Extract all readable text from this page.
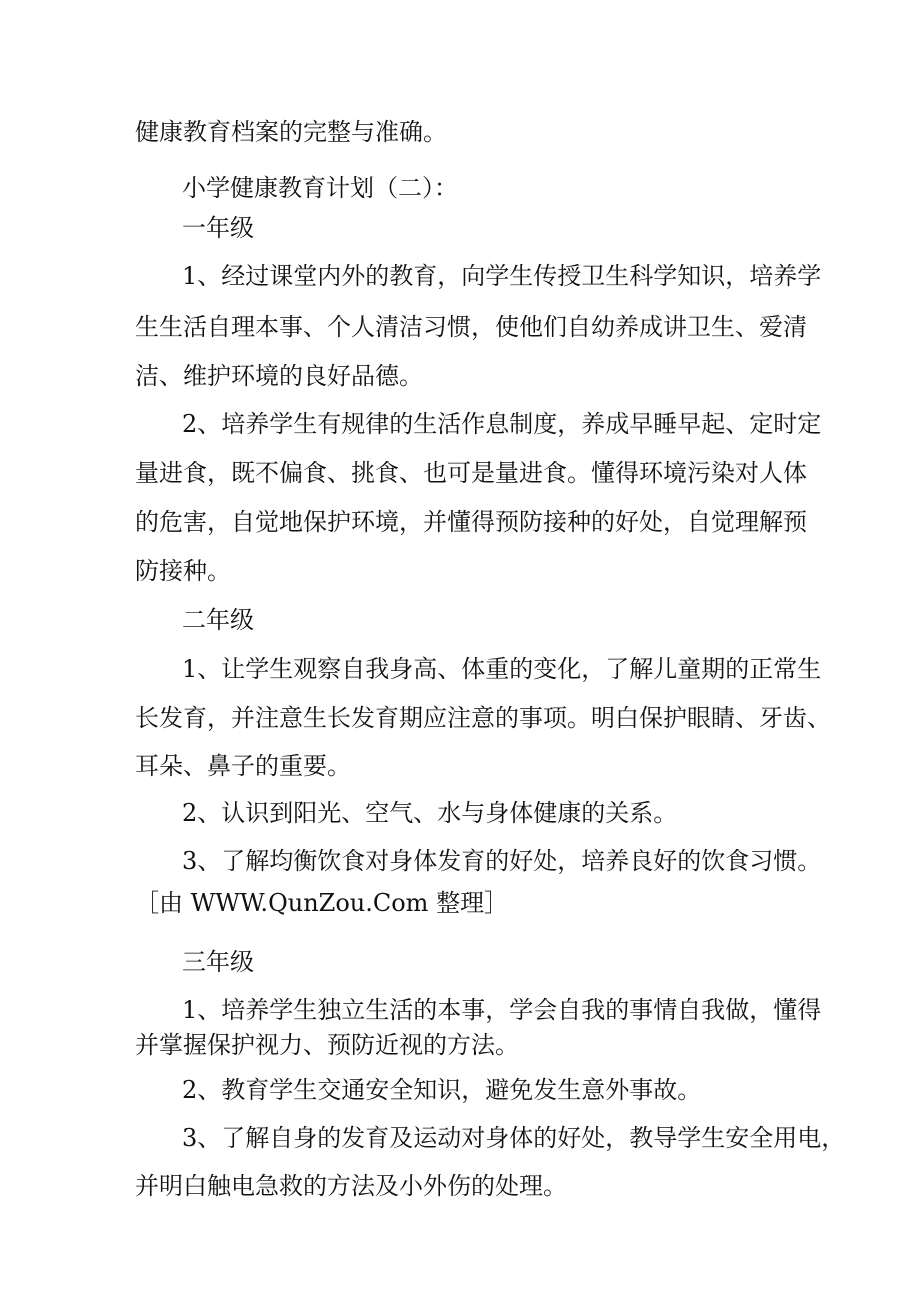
健康教育档案的完整与准确。
小学健康教育计划（二）：
一年级
1、经过课堂内外的教育，向学生传授卫生科学知识，培养学
生生活自理本事、个人清洁习惯，使他们自幼养成讲卫生、爱清
洁、维护环境的良好品德。
2、培养学生有规律的生活作息制度，养成早睡早起、定时定
量进食，既不偏食、挑食、也可是量进食。懂得环境污染对人体
的危害，自觉地保护环境，并懂得预防接种的好处，自觉理解预
防接种。
二年级
1、让学生观察自我身高、体重的变化，了解儿童期的正常生
长发育，并注意生长发育期应注意的事项。明白保护眼睛、牙齿、
耳朵、鼻子的重要。
2、认识到阳光、空气、水与身体健康的关系。
3、了解均衡饮食对身体发育的好处，培养良好的饮食习惯。
［由 WWW.QunZou.Com 整理］
三年级
1、培养学生独立生活的本事，学会自我的事情自我做，懂得
并掌握保护视力、预防近视的方法。
2、教育学生交通安全知识，避免发生意外事故。
3、了解自身的发育及运动对身体的好处，教导学生安全用电，
并明白触电急救的方法及小外伤的处理。
